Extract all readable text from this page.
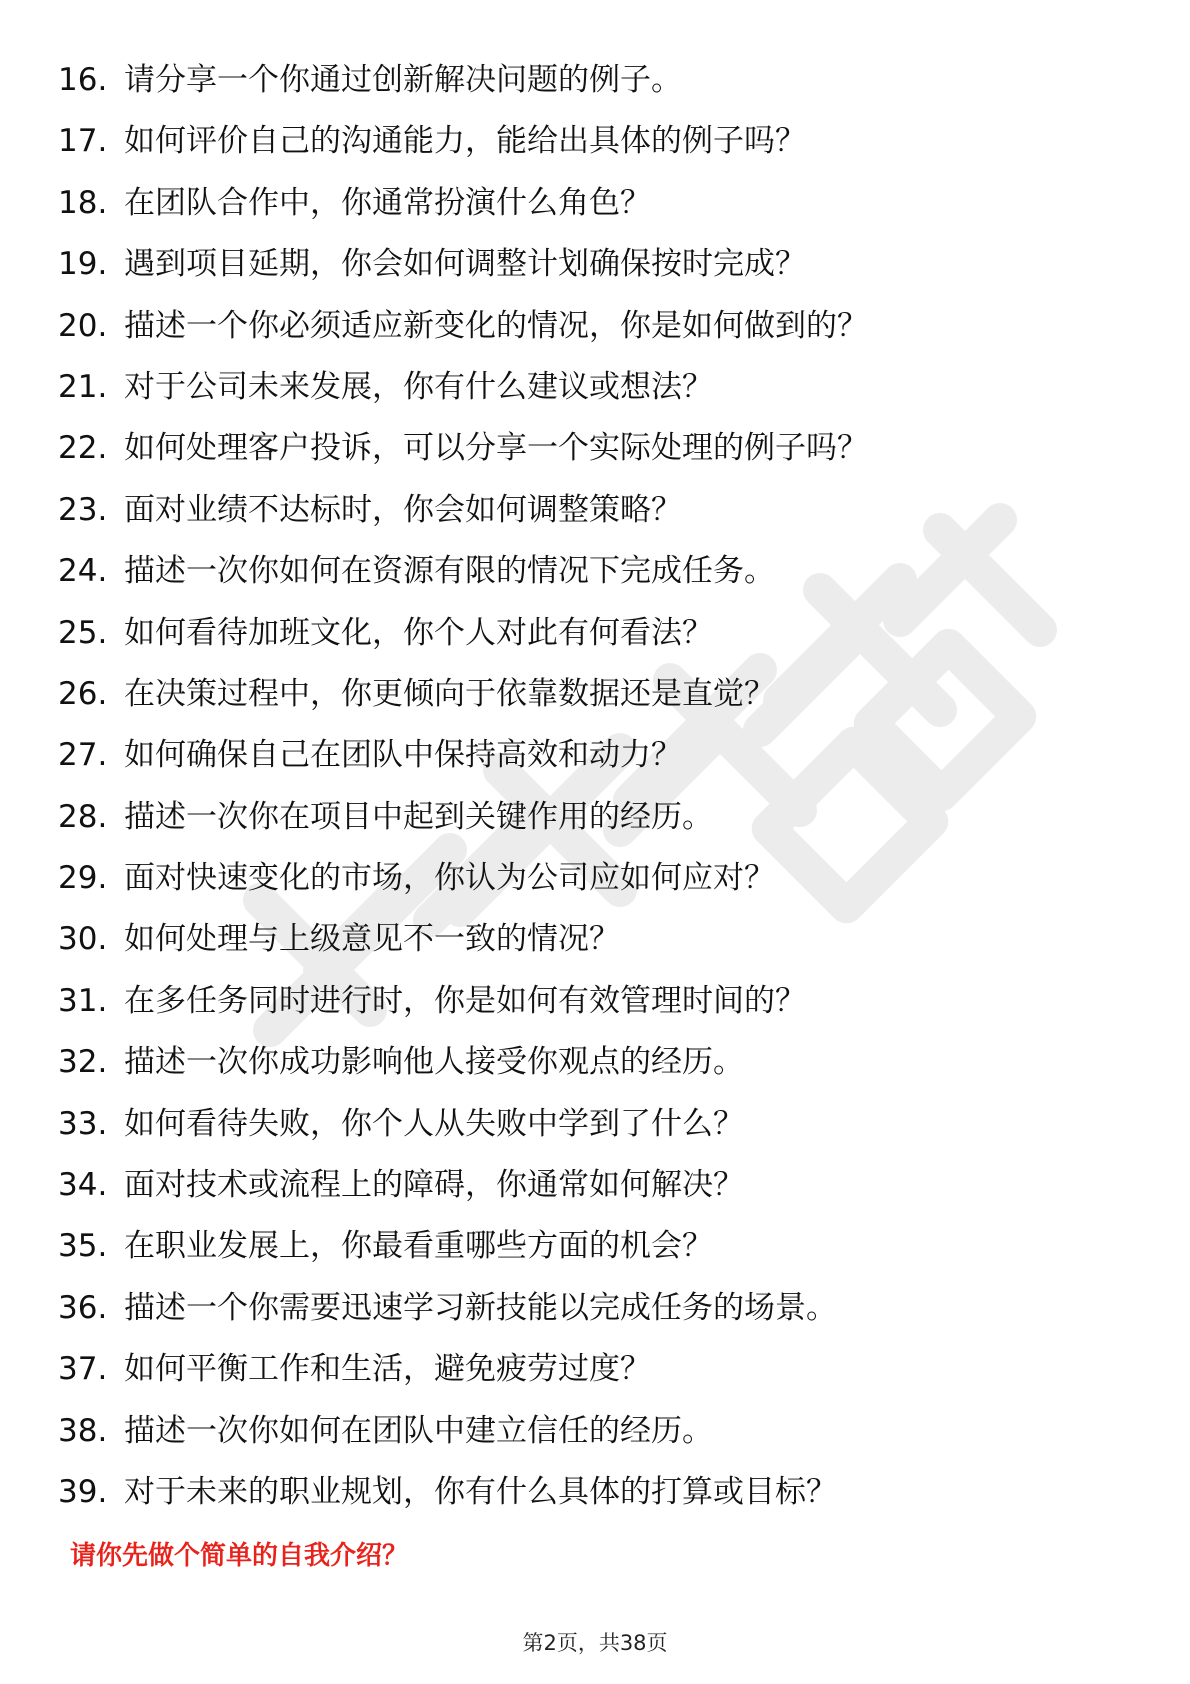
16. 请分享一个你通过创新解决问题的例子。
17. 如何评价自己的沟通能力，能给出具体的例子吗？
18. 在团队合作中，你通常扮演什么角色？
19. 遇到项目延期，你会如何调整计划确保按时完成？
20. 描述一个你必须适应新变化的情况，你是如何做到的？
21. 对于公司未来发展，你有什么建议或想法？
22. 如何处理客户投诉，可以分享一个实际处理的例子吗？
23. 面对业绩不达标时，你会如何调整策略？
24. 描述一次你如何在资源有限的情况下完成任务。
25. 如何看待加班文化，你个人对此有何看法？
26. 在决策过程中，你更倾向于依靠数据还是直觉？
27. 如何确保自己在团队中保持高效和动力？
28. 描述一次你在项目中起到关键作用的经历。
29. 面对快速变化的市场，你认为公司应如何应对？
30. 如何处理与上级意见不一致的情况？
31. 在多任务同时进行时，你是如何有效管理时间的？
32. 描述一次你成功影响他人接受你观点的经历。
33. 如何看待失败，你个人从失败中学到了什么？
34. 面对技术或流程上的障碍，你通常如何解决？
35. 在职业发展上，你最看重哪些方面的机会？
36. 描述一个你需要迅速学习新技能以完成任务的场景。
37. 如何平衡工作和生活，避免疲劳过度？
38. 描述一次你如何在团队中建立信任的经历。
39. 对于未来的职业规划，你有什么具体的打算或目标？
请你先做个简单的自我介绍？
第2页，共38页
